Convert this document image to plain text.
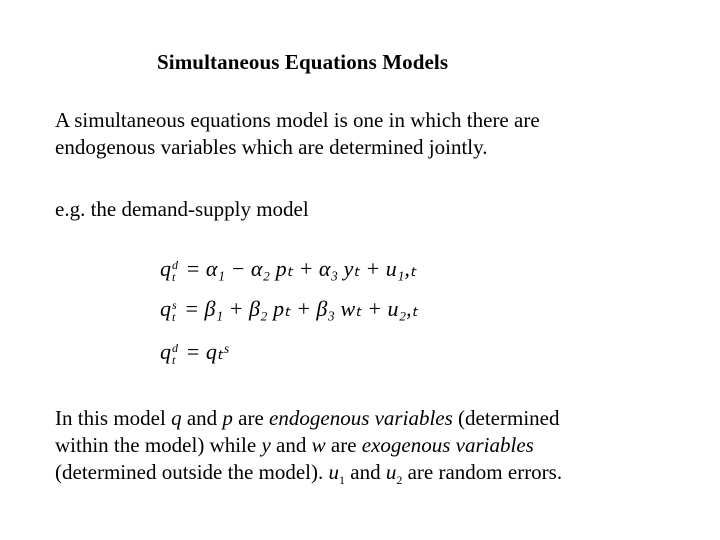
Simultaneous Equations Models
A simultaneous equations model is one in which there are
endogenous variables which are determined jointly.
e.g. the demand-supply model
q d
t = α₁ − α₂ pₜ + α₃ yₜ + u₁,ₜ
q s
t = β₁ + β₂ pₜ + β₃ wₜ + u₂,ₜ
q d
t = qₜˢ
In this model q and p are endogenous variables (determined
within the model) while y and w are exogenous variables
(determined outside the model). $u_1$ and $u_2$ are random errors.
